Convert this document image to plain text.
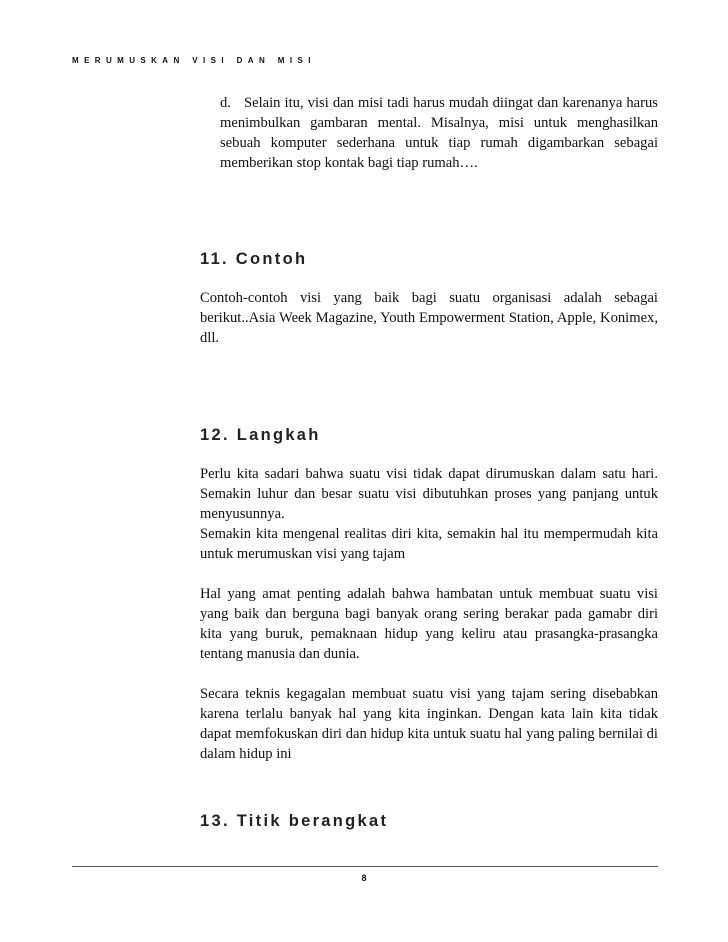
MERUMUSKAN VISI DAN MISI

d. Selain itu, visi dan misi tadi harus mudah diingat dan karenanya harus menimbulkan gambaran mental. Misalnya, misi untuk menghasilkan sebuah komputer sederhana untuk tiap rumah digambarkan sebagai memberikan stop kontak bagi tiap rumah….

11. Contoh

Contoh-contoh visi yang baik bagi suatu organisasi adalah sebagai berikut..Asia Week Magazine, Youth Empowerment Station, Apple, Konimex, dll.

12. Langkah

Perlu kita sadari bahwa suatu visi tidak dapat dirumuskan dalam satu hari. Semakin luhur dan besar suatu visi dibutuhkan proses yang panjang untuk menyusunnya.

Semakin kita mengenal realitas diri kita, semakin hal itu mempermudah kita untuk merumuskan visi yang tajam

Hal yang amat penting adalah bahwa hambatan untuk membuat suatu visi yang baik dan berguna bagi banyak orang sering berakar pada gamabr diri kita yang buruk, pemaknaan hidup yang keliru atau prasangka-prasangka tentang manusia dan dunia.

Secara teknis kegagalan membuat suatu visi yang tajam sering disebabkan karena terlalu banyak hal yang kita inginkan. Dengan kata lain kita tidak dapat memfokuskan diri dan hidup kita untuk suatu hal yang paling bernilai di dalam hidup ini

13. Titik berangkat
8
